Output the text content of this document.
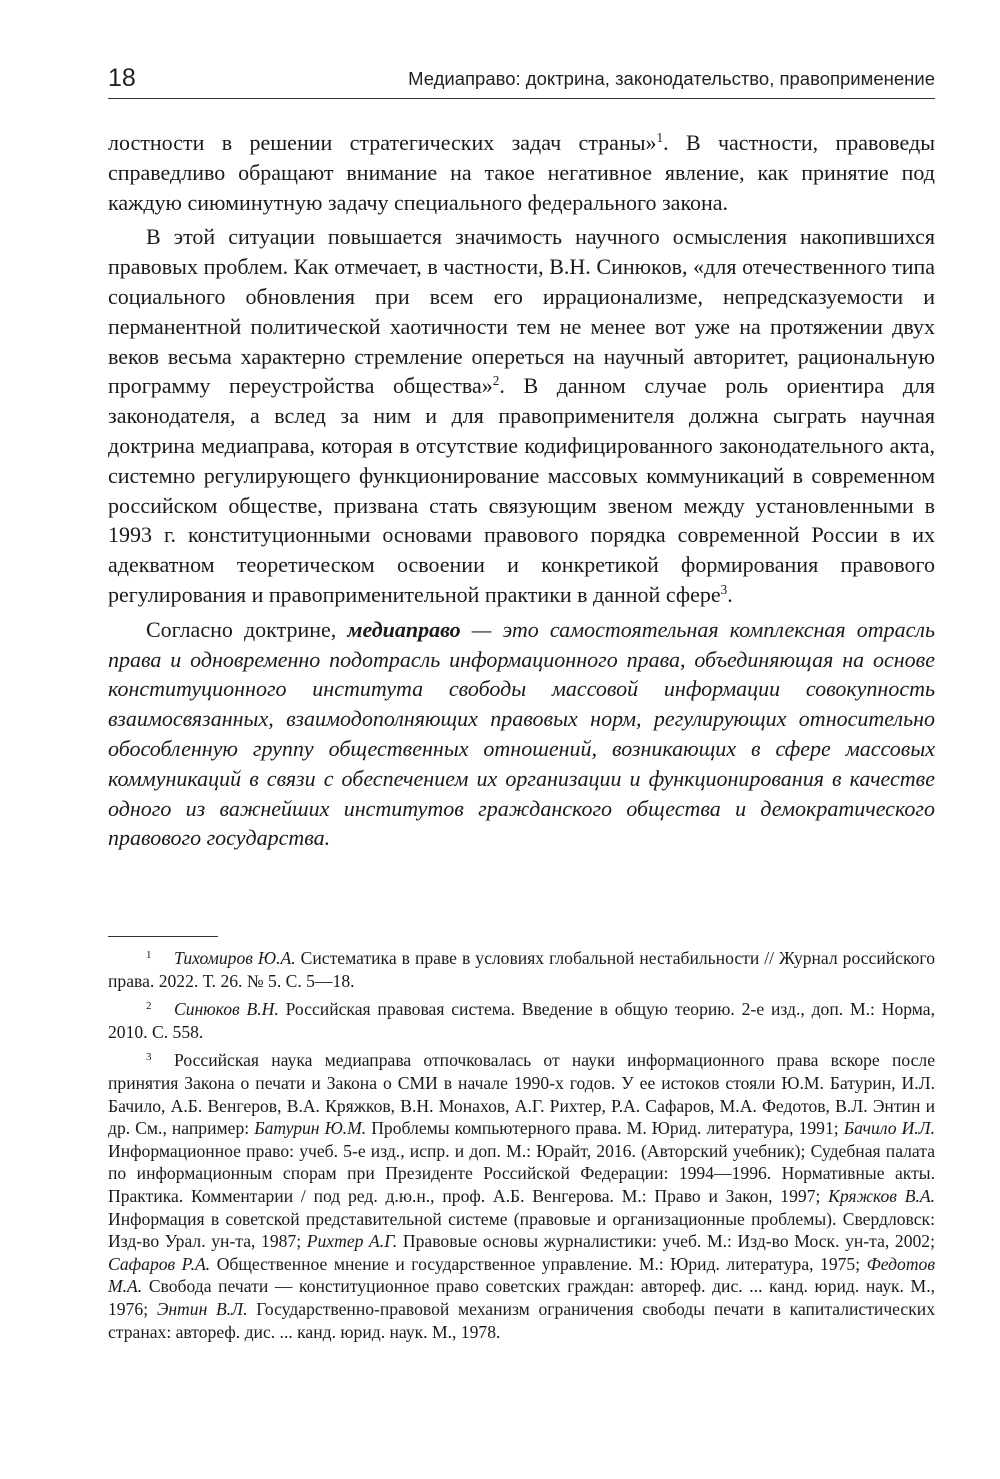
18	Медиаправо: доктрина, законодательство, правоприменение

лостности в решении стратегических задач страны»$^1$. В частности, правоведы справедливо обращают внимание на такое негативное явление, как принятие под каждую сиюминутную задачу специального федерального закона.

В этой ситуации повышается значимость научного осмысления накопившихся правовых проблем. Как отмечает, в частности, В.Н. Синюков, «для отечественного типа социального обновления при всем его иррационализме, непредсказуемости и перманентной политической хаотичности тем не менее вот уже на протяжении двух веков весьма характерно стремление опереться на научный авторитет, рациональную программу переустройства общества»$^2$. В данном случае роль ориентира для законодателя, а вслед за ним и для правоприменителя должна сыграть научная доктрина медиаправа, которая в отсутствие кодифицированного законодательного акта, системно регулирующего функционирование массовых коммуникаций в современном российском обществе, призвана стать связующим звеном между установленными в 1993 г. конституционными основами правового порядка современной России в их адекватном теоретическом освоении и конкретикой формирования правового регулирования и правоприменительной практики в данной сфере$^3$.

Согласно доктрине, медиаправо — это самостоятельная комплексная отрасль права и одновременно подотрасль информационного права, объединяющая на основе конституционного института свободы массовой информации совокупность взаимосвязанных, взаимодополняющих правовых норм, регулирующих относительно обособленную группу общественных отношений, возникающих в сфере массовых коммуникаций в связи с обеспечением их организации и функционирования в качестве одного из важнейших институтов гражданского общества и демократического правового государства.

1 Тихомиров Ю.А. Систематика в праве в условиях глобальной нестабильности // Журнал российского права. 2022. Т. 26. № 5. С. 5—18.

2 Синюков В.Н. Российская правовая система. Введение в общую теорию. 2-е изд., доп. М.: Норма, 2010. С. 558.

3 Российская наука медиаправа отпочковалась от науки информационного права вскоре после принятия Закона о печати и Закона о СМИ в начале 1990-х годов. У ее истоков стояли Ю.М. Батурин, И.Л. Бачило, А.Б. Венгеров, В.А. Кряжков, В.Н. Монахов, А.Г. Рихтер, Р.А. Сафаров, М.А. Федотов, В.Л. Энтин и др. См., например: Батурин Ю.М. Проблемы компьютерного права. М. Юрид. литература, 1991; Бачило И.Л. Информационное право: учеб. 5-е изд., испр. и доп. М.: Юрайт, 2016. (Авторский учебник); Судебная палата по информационным спорам при Президенте Российской Федерации: 1994—1996. Нормативные акты. Практика. Комментарии / под ред. д.ю.н., проф. А.Б. Венгерова. М.: Право и Закон, 1997; Кряжков В.А. Информация в советской представительной системе (правовые и организационные проблемы). Свердловск: Изд-во Урал. ун-та, 1987; Рихтер А.Г. Правовые основы журналистики: учеб. М.: Изд-во Моск. ун-та, 2002; Сафаров Р.А. Общественное мнение и государственное управление. М.: Юрид. литература, 1975; Федотов М.А. Свобода печати — конституционное право советских граждан: автореф. дис. ... канд. юрид. наук. М., 1976; Энтин В.Л. Государственно-правовой механизм ограничения свободы печати в капиталистических странах: автореф. дис. ... канд. юрид. наук. М., 1978.
